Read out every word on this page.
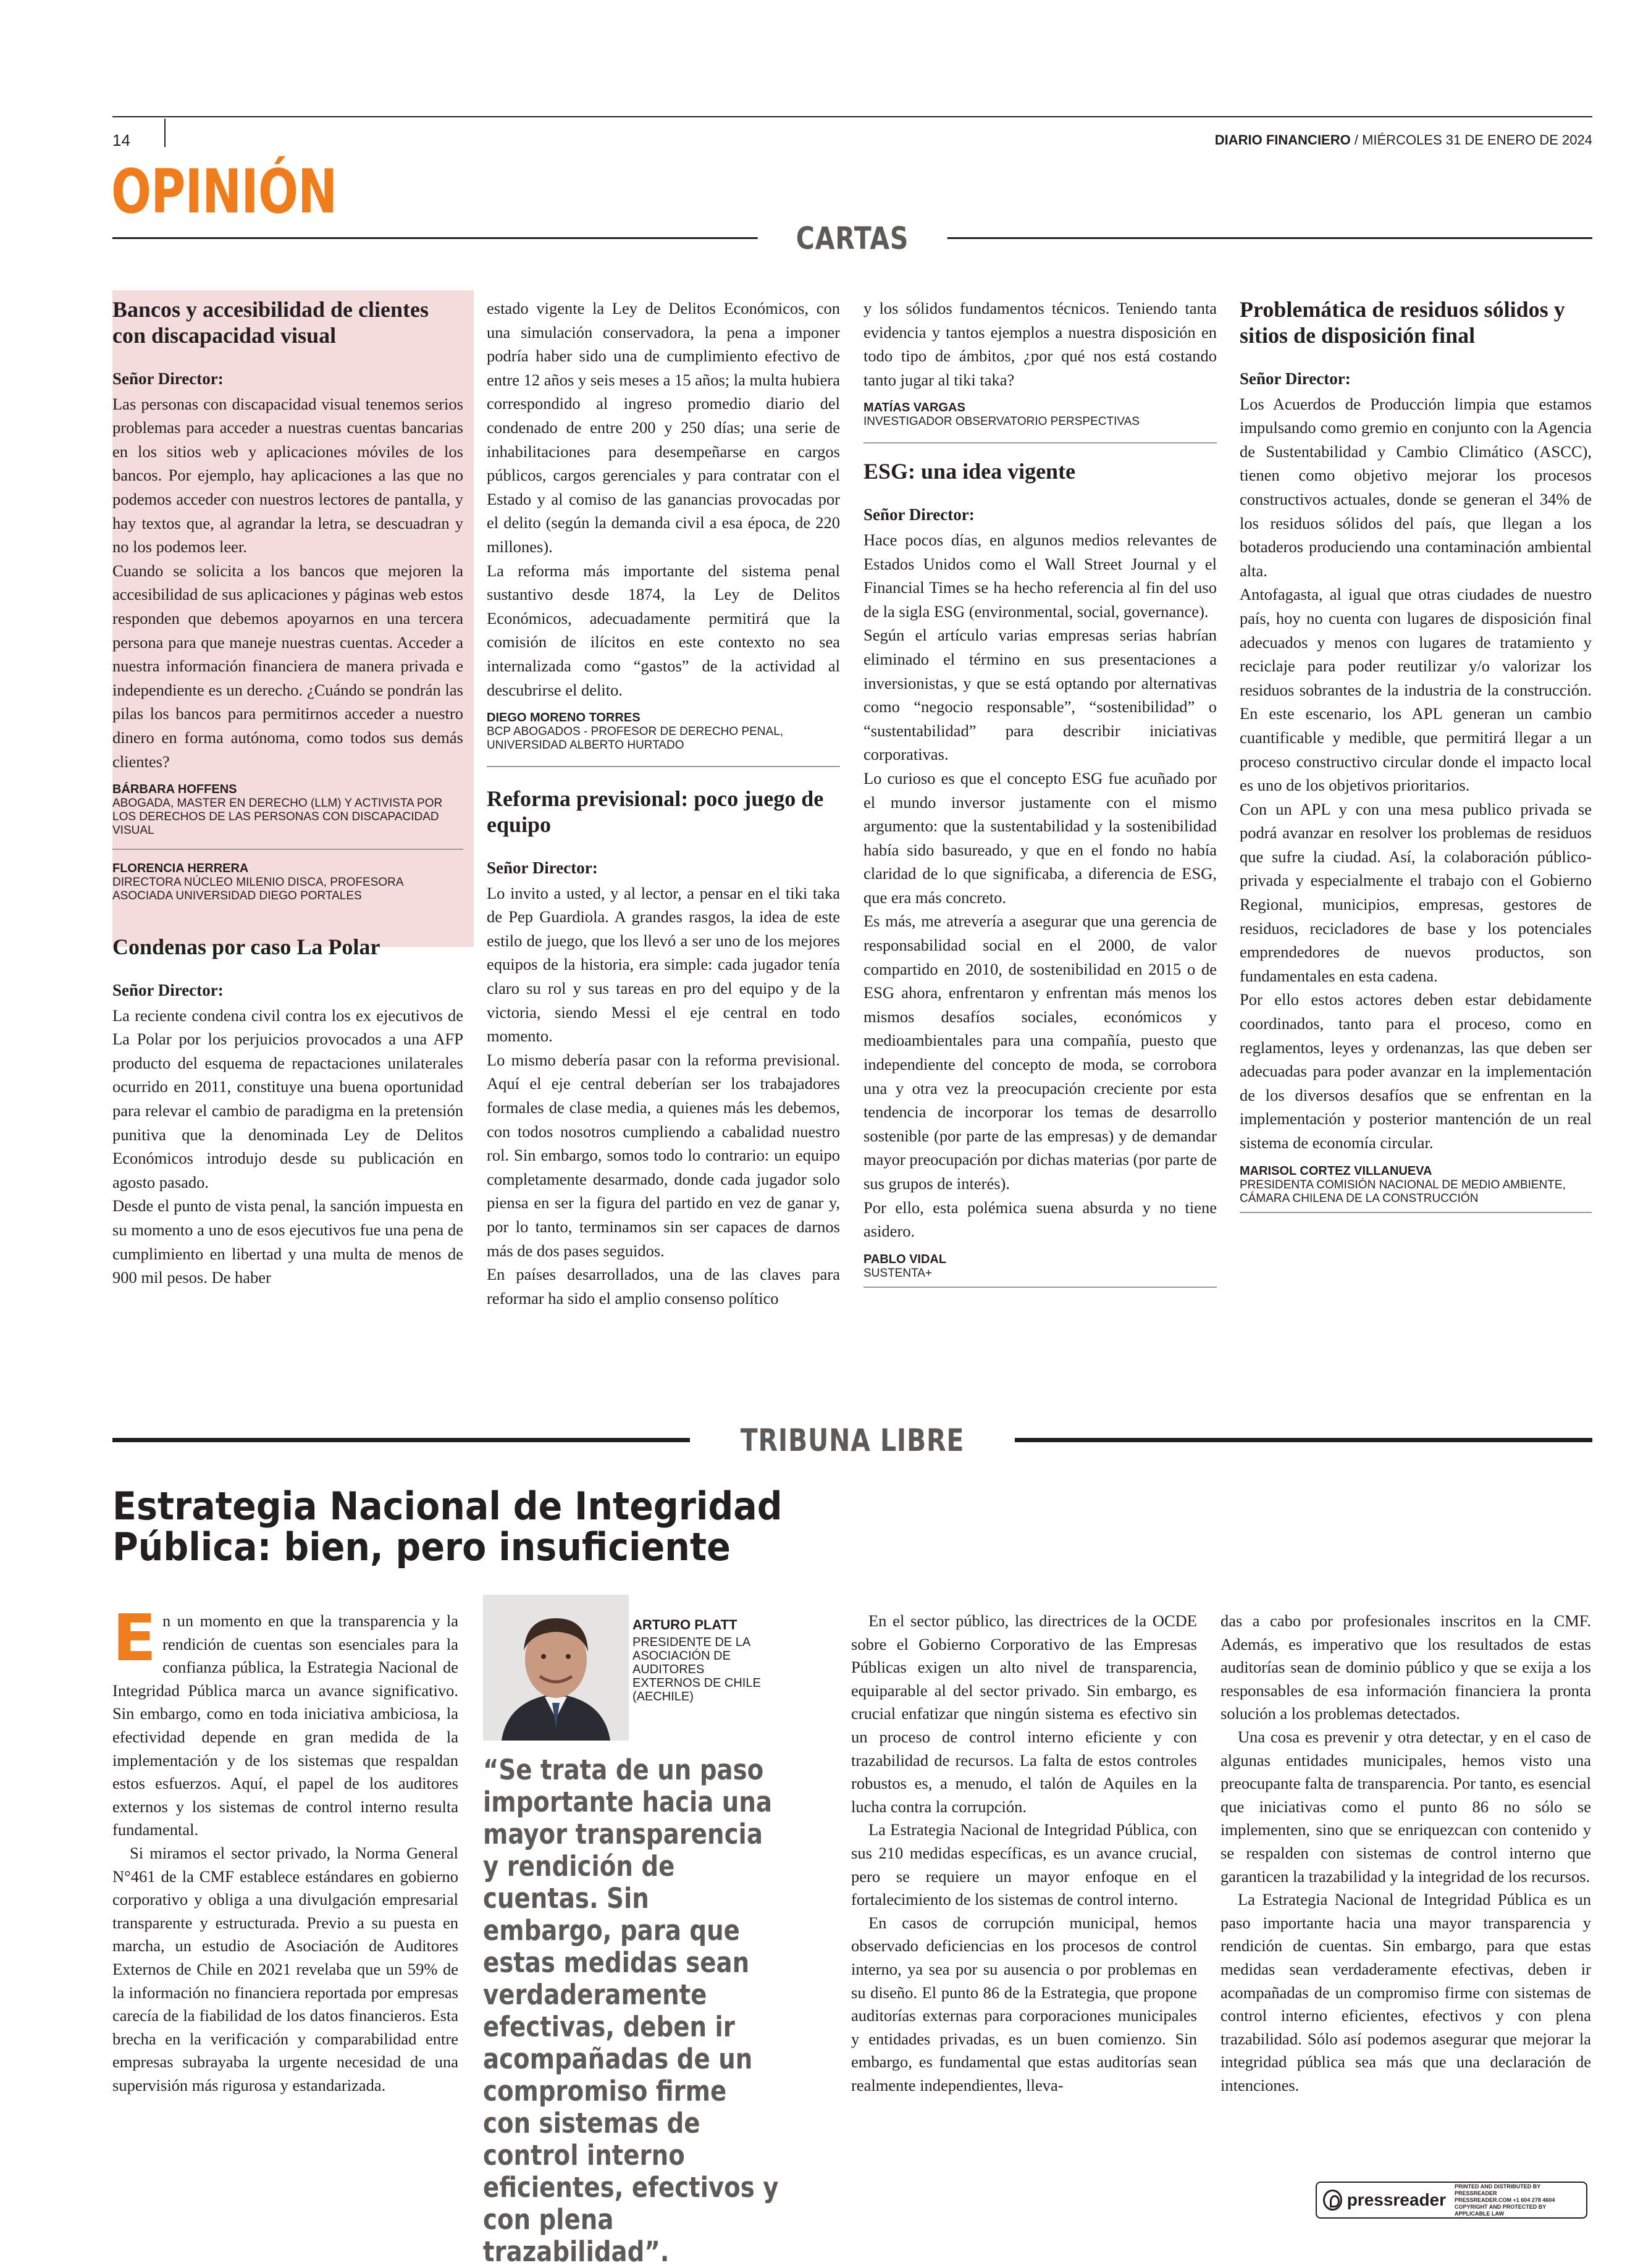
14	DIARIO FINANCIERO / MIÉRCOLES 31 DE ENERO DE 2024
OPINIÓN
CARTAS
Bancos y accesibilidad de clientes con discapacidad visual
Señor Director:

Las personas con discapacidad visual tenemos serios problemas para acceder a nuestras cuentas bancarias en los sitios web y aplicaciones móviles de los bancos. Por ejemplo, hay aplicaciones a las que no podemos acceder con nuestros lectores de pantalla, y hay textos que, al agrandar la letra, se descuadran y no los podemos leer.

Cuando se solicita a los bancos que mejoren la accesibilidad de sus aplicaciones y páginas web estos responden que debemos apoyarnos en una tercera persona para que maneje nuestras cuentas. Acceder a nuestra información financiera de manera privada e independiente es un derecho. ¿Cuándo se pondrán las pilas los bancos para permitirnos acceder a nuestro dinero en forma autónoma, como todos sus demás clientes?

BÁRBARA HOFFENS
ABOGADA, MASTER EN DERECHO (LLM) Y ACTIVISTA POR LOS DERECHOS DE LAS PERSONAS CON DISCAPACIDAD VISUAL
FLORENCIA HERRERA
DIRECTORA NÚCLEO MILENIO DISCA, PROFESORA ASOCIADA UNIVERSIDAD DIEGO PORTALES
Condenas por caso La Polar
Señor Director:

La reciente condena civil contra los ex ejecutivos de La Polar por los perjuicios provocados a una AFP producto del esquema de repactaciones unilaterales ocurrido en 2011, constituye una buena oportunidad para relevar el cambio de paradigma en la pretensión punitiva que la denominada Ley de Delitos Económicos introdujo desde su publicación en agosto pasado.

Desde el punto de vista penal, la sanción impuesta en su momento a uno de esos ejecutivos fue una pena de cumplimiento en libertad y una multa de menos de 900 mil pesos. De haber

estado vigente la Ley de Delitos Económicos, con una simulación conservadora, la pena a imponer podría haber sido una de cumplimiento efectivo de entre 12 años y seis meses a 15 años; la multa hubiera correspondido al ingreso promedio diario del condenado de entre 200 y 250 días; una serie de inhabilitaciones para desempeñarse en cargos públicos, cargos gerenciales y para contratar con el Estado y al comiso de las ganancias provocadas por el delito (según la demanda civil a esa época, de 220 millones).

La reforma más importante del sistema penal sustantivo desde 1874, la Ley de Delitos Económicos, adecuadamente permitirá que la comisión de ilícitos en este contexto no sea internalizada como “gastos” de la actividad al descubrirse el delito.

DIEGO MORENO TORRES
BCP ABOGADOS - PROFESOR DE DERECHO PENAL, UNIVERSIDAD ALBERTO HURTADO
Reforma previsional: poco juego de equipo
Señor Director:

Lo invito a usted, y al lector, a pensar en el tiki taka de Pep Guardiola. A grandes rasgos, la idea de este estilo de juego, que los llevó a ser uno de los mejores equipos de la historia, era simple: cada jugador tenía claro su rol y sus tareas en pro del equipo y de la victoria, siendo Messi el eje central en todo momento.

Lo mismo debería pasar con la reforma previsional. Aquí el eje central deberían ser los trabajadores formales de clase media, a quienes más les debemos, con todos nosotros cumpliendo a cabalidad nuestro rol. Sin embargo, somos todo lo contrario: un equipo completamente desarmado, donde cada jugador solo piensa en ser la figura del partido en vez de ganar y, por lo tanto, terminamos sin ser capaces de darnos más de dos pases seguidos.

En países desarrollados, una de las claves para reformar ha sido el amplio consenso político

y los sólidos fundamentos técnicos. Teniendo tanta evidencia y tantos ejemplos a nuestra disposición en todo tipo de ámbitos, ¿por qué nos está costando tanto jugar al tiki taka?

MATÍAS VARGAS
INVESTIGADOR OBSERVATORIO PERSPECTIVAS
ESG: una idea vigente
Señor Director:

Hace pocos días, en algunos medios relevantes de Estados Unidos como el Wall Street Journal y el Financial Times se ha hecho referencia al fin del uso de la sigla ESG (environmental, social, governance).

Según el artículo varias empresas serias habrían eliminado el término en sus presentaciones a inversionistas, y que se está optando por alternativas como “negocio responsable”, “sostenibilidad” o “sustentabilidad” para describir iniciativas corporativas.

Lo curioso es que el concepto ESG fue acuñado por el mundo inversor justamente con el mismo argumento: que la sustentabilidad y la sostenibilidad había sido basureado, y que en el fondo no había claridad de lo que significaba, a diferencia de ESG, que era más concreto.

Es más, me atrevería a asegurar que una gerencia de responsabilidad social en el 2000, de valor compartido en 2010, de sostenibilidad en 2015 o de ESG ahora, enfrentaron y enfrentan más menos los mismos desafíos sociales, económicos y medioambientales para una compañía, puesto que independiente del concepto de moda, se corrobora una y otra vez la preocupación creciente por esta tendencia de incorporar los temas de desarrollo sostenible (por parte de las empresas) y de demandar mayor preocupación por dichas materias (por parte de sus grupos de interés).

Por ello, esta polémica suena absurda y no tiene asidero.

PABLO VIDAL
SUSTENTA+
Problemática de residuos sólidos y sitios de disposición final
Señor Director:

Los Acuerdos de Producción limpia que estamos impulsando como gremio en conjunto con la Agencia de Sustentabilidad y Cambio Climático (ASCC), tienen como objetivo mejorar los procesos constructivos actuales, donde se generan el 34% de los residuos sólidos del país, que llegan a los botaderos produciendo una contaminación ambiental alta.

Antofagasta, al igual que otras ciudades de nuestro país, hoy no cuenta con lugares de disposición final adecuados y menos con lugares de tratamiento y reciclaje para poder reutilizar y/o valorizar los residuos sobrantes de la industria de la construcción. En este escenario, los APL generan un cambio cuantificable y medible, que permitirá llegar a un proceso constructivo circular donde el impacto local es uno de los objetivos prioritarios.

Con un APL y con una mesa publico privada se podrá avanzar en resolver los problemas de residuos que sufre la ciudad. Así, la colaboración público-privada y especialmente el trabajo con el Gobierno Regional, municipios, empresas, gestores de residuos, recicladores de base y los potenciales emprendedores de nuevos productos, son fundamentales en esta cadena.

Por ello estos actores deben estar debidamente coordinados, tanto para el proceso, como en reglamentos, leyes y ordenanzas, las que deben ser adecuadas para poder avanzar en la implementación de los diversos desafíos que se enfrentan en la implementación y posterior mantención de un real sistema de economía circular.

MARISOL CORTEZ VILLANUEVA
PRESIDENTA COMISIÓN NACIONAL DE MEDIO AMBIENTE, CÁMARA CHILENA DE LA CONSTRUCCIÓN
TRIBUNA LIBRE
Estrategia Nacional de Integridad Pública: bien, pero insuficiente

En un momento en que la transparencia y la rendición de cuentas son esenciales para la confianza pública, la Estrategia Nacional de Integridad Pública marca un avance significativo. Sin embargo, como en toda iniciativa ambiciosa, la efectividad depende en gran medida de la implementación y de los sistemas que respaldan estos esfuerzos. Aquí, el papel de los auditores externos y los sistemas de control interno resulta fundamental.

Si miramos el sector privado, la Norma General N°461 de la CMF establece estándares en gobierno corporativo y obliga a una divulgación empresarial transparente y estructurada. Previo a su puesta en marcha, un estudio de Asociación de Auditores Externos de Chile en 2021 revelaba que un 59% de la información no financiera reportada por empresas carecía de la fiabilidad de los datos financieros. Esta brecha en la verificación y comparabilidad entre empresas subrayaba la urgente necesidad de una supervisión más rigurosa y estandarizada.

ARTURO PLATT
PRESIDENTE DE LA ASOCIACIÓN DE AUDITORES EXTERNOS DE CHILE (AECHILE)
“Se trata de un paso importante hacia una mayor transparencia y rendición de cuentas. Sin embargo, para que estas medidas sean verdaderamente efectivas, deben ir acompañadas de un compromiso firme con sistemas de control interno eficientes, efectivos y con plena trazabilidad”.

En el sector público, las directrices de la OCDE sobre el Gobierno Corporativo de las Empresas Públicas exigen un alto nivel de transparencia, equiparable al del sector privado. Sin embargo, es crucial enfatizar que ningún sistema es efectivo sin un proceso de control interno eficiente y con trazabilidad de recursos. La falta de estos controles robustos es, a menudo, el talón de Aquiles en la lucha contra la corrupción.

La Estrategia Nacional de Integridad Pública, con sus 210 medidas específicas, es un avance crucial, pero se requiere un mayor enfoque en el fortalecimiento de los sistemas de control interno.

En casos de corrupción municipal, hemos observado deficiencias en los procesos de control interno, ya sea por su ausencia o por problemas en su diseño. El punto 86 de la Estrategia, que propone auditorías externas para corporaciones municipales y entidades privadas, es un buen comienzo. Sin embargo, es fundamental que estas auditorías sean realmente independientes, lleva-

das a cabo por profesionales inscritos en la CMF. Además, es imperativo que los resultados de estas auditorías sean de dominio público y que se exija a los responsables de esa información financiera la pronta solución a los problemas detectados.

Una cosa es prevenir y otra detectar, y en el caso de algunas entidades municipales, hemos visto una preocupante falta de transparencia. Por tanto, es esencial que iniciativas como el punto 86 no sólo se implementen, sino que se enriquezcan con contenido y se respalden con sistemas de control interno que garanticen la trazabilidad y la integridad de los recursos.

La Estrategia Nacional de Integridad Pública es un paso importante hacia una mayor transparencia y rendición de cuentas. Sin embargo, para que estas medidas sean verdaderamente efectivas, deben ir acompañadas de un compromiso firme con sistemas de control interno eficientes, efectivos y con plena trazabilidad. Sólo así podemos asegurar que mejorar la integridad pública sea más que una declaración de intenciones.

pressreader
PRINTED AND DISTRIBUTED BY PRESSREADER
PRESSREADER.COM +1 604 278 4604
COPYRIGHT AND PROTECTED BY APPLICABLE LAW
